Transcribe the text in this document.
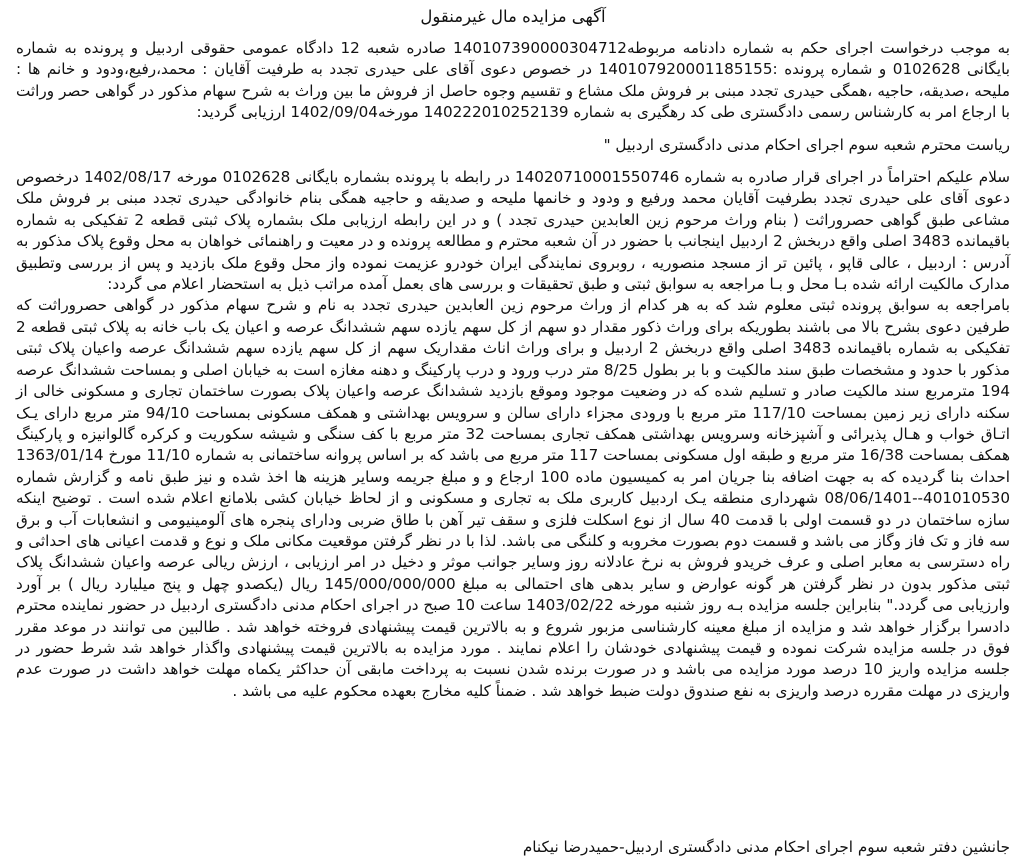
آگهی مزایده مال غیرمنقول

به موجب درخواست اجرای حکم به شماره دادنامه مربوطه140107390000304712 صادره شعبه 12 دادگاه عمومی حقوقی اردبیل و پرونده به شماره بایگانی 0102628 و شماره پرونده :140107920001185155 در خصوص دعوی آقای علی حیدری تجدد به طرفیت آقایان : محمد،رفیع،ودود و خانم ها : ملیحه ،صدیقه، حاجیه ،همگی حیدری تجدد مبنی بر فروش ملک مشاع و تقسیم وجوه حاصل از فروش ما بین وراث به شرح سهام مذکور در گواهی حصر وراثت با ارجاع امر به کارشناس رسمی دادگستری طی کد رهگیری به شماره 140222010252139 مورخه1402/09/04 ارزیابی گردید:

ریاست محترم شعبه سوم اجرای احکام مدنی دادگستری اردبیل "

سلام علیکم احتراماً در اجرای قرار صادره به شماره 14020710001550746 در رابطه با پرونده بشماره بایگانی 0102628 مورخه 1402/08/17 درخصوص دعوی آقای علی حیدری تجدد بطرفیت آقایان محمد ورفیع و ودود و خانمها ملیحه و صدیقه و حاجیه همگی بنام خانوادگی حیدری تجدد مبنی بر فروش ملک مشاعی طبق گواهی حصروراثت ( بنام وراث مرحوم زین العابدین حیدری تجدد ) و در این رابطه ارزیابی ملک بشماره پلاک ثبتی قطعه 2 تفکیکی به شماره باقیمانده 3483 اصلی واقع دربخش 2 اردبیل اینجانب با حضور در آن شعبه محترم و مطالعه پرونده و در معیت و راهنمائی خواهان به محل وقوع پلاک مذکور به آدرس : اردبیل ، عالی قاپو ، پائین تر از مسجد منصوریه ، روبروی نمایندگی ایران خودرو عزیمت نموده واز محل وقوع ملک بازدید و پس از بررسی وتطبیق مدارک مالکیت ارائه شده بـا محل و بـا مراجعه به سوابق ثبتی و طبق تحقیقات و بررسی های بعمل آمده مراتب ذیل به استحضار اعلام می گردد:

بامراجعه به سوابق پرونده ثبتی معلوم شد که به هر کدام از وراث مرحوم زین العابدین حیدری تجدد به نام و شرح سهام مذکور در گواهی حصروراثت که طرفین دعوی بشرح بالا می باشند بطوریکه برای وراث ذکور مقدار دو سهم از کل سهم یازده سهم ششدانگ عرصه و اعیان یک باب خانه به پلاک ثبتی قطعه 2 تفکیکی به شماره باقیمانده 3483 اصلی واقع دربخش 2 اردبیل و برای وراث اناث مقداریک سهم از کل سهم یازده سهم ششدانگ عرصه واعیان پلاک ثبتی مذکور با حدود و مشخصات طبق سند مالکیت و با بر بطول 8/25 متر درب ورود و درب پارکینگ و دهنه مغازه است به خیابان اصلی و بمساحت ششدانگ عرصه 194 مترمربع سند مالکیت صادر و تسلیم شده که در وضعیت موجود وموقع بازدید ششدانگ عرصه واعیان پلاک بصورت ساختمان تجاری و مسکونی خالی از سکنه دارای زیر زمین بمساحت 117/10 متر مربع با ورودی مجزاء دارای سالن و سرویس بهداشتی و همکف مسکونی بمساحت 94/10 متر مربع دارای یـک اتـاق خواب و هـال پذیرائی و آشپزخانه وسرویس بهداشتی همکف تجاری بمساحت 32 متر مربع با کف سنگی و شیشه سکوریت و کرکره گالوانیزه و پارکینگ همکف بمساحت 16/38 متر مربع و طبقه اول مسکونی بمساحت 117 متر مربع می باشد که بر اساس پروانه ساختمانی به شماره 11/10 مورخ 1363/01/14 احداث بنا گردیده که به جهت اضافه بنا جریان امر به کمیسیون ماده 100 ارجاع و و مبلغ جریمه وسایر هزینه ها اخذ شده و نیز طبق نامه و گزارش شماره 401010530--08/06/1401 شهرداری منطقه یـک اردبیل کاربری ملک به تجاری و مسکونی و از لحاظ خیابان کشی بلامانع اعلام شده است . توضیح اینکه سازه ساختمان در دو قسمت اولی با قدمت 40 سال از نوع اسکلت فلزی و سقف تیر آهن با طاق ضربی ودارای پنجره های آلومینیومی و انشعابات آب و برق سه فاز و تک فاز وگاز می باشد و قسمت دوم بصورت مخروبه و کلنگی می باشد. لذا با در نظر گرفتن موقعیت مکانی ملک و نوع و قدمت اعیانی های احداثی و راه دسترسی به معابر اصلی و عرف خریدو فروش به نرخ عادلانه روز وسایر جوانب موثر و دخیل در امر ارزیابی ، ارزش ریالی عرصه واعیان ششدانگ پلاک ثبتی مذکور بدون در نظر گرفتن هر گونه عوارض و سایر بدهی های احتمالی به مبلغ 145/000/000/000 ریال (یکصدو چهل و پنج میلیارد ریال ) بر آورد وارزیابی می گردد." بنابراین جلسه مزایده بـه روز شنبه مورخه 1403/02/22 ساعت 10 صبح در اجرای احکام مدنی دادگستری اردبیل در حضور نماینده محترم دادسرا برگزار خواهد شد و مزایده از مبلغ معینه کارشناسی مزبور شروع و به بالاترین قیمت پیشنهادی فروخته خواهد شد . طالبین می توانند در موعد مقرر فوق در جلسه مزایده شرکت نموده و قیمت پیشنهادی خودشان را اعلام نمایند . مورد مزایده به بالاترین قیمت پیشنهادی واگذار خواهد شد شرط حضور در جلسه مزایده واریز 10 درصد مورد مزایده می باشد و در صورت برنده شدن نسبت به پرداخت مابقی آن حداکثر یکماه مهلت خواهد داشت در صورت عدم واریزی در مهلت مقرره درصد واریزی به نفع صندوق دولت ضبط خواهد شد . ضمناً کلیه مخارج بعهده محکوم علیه می باشد .

جانشین دفتر شعبه سوم اجرای احکام مدنی دادگستری اردبیل-حمیدرضا نیکنام
